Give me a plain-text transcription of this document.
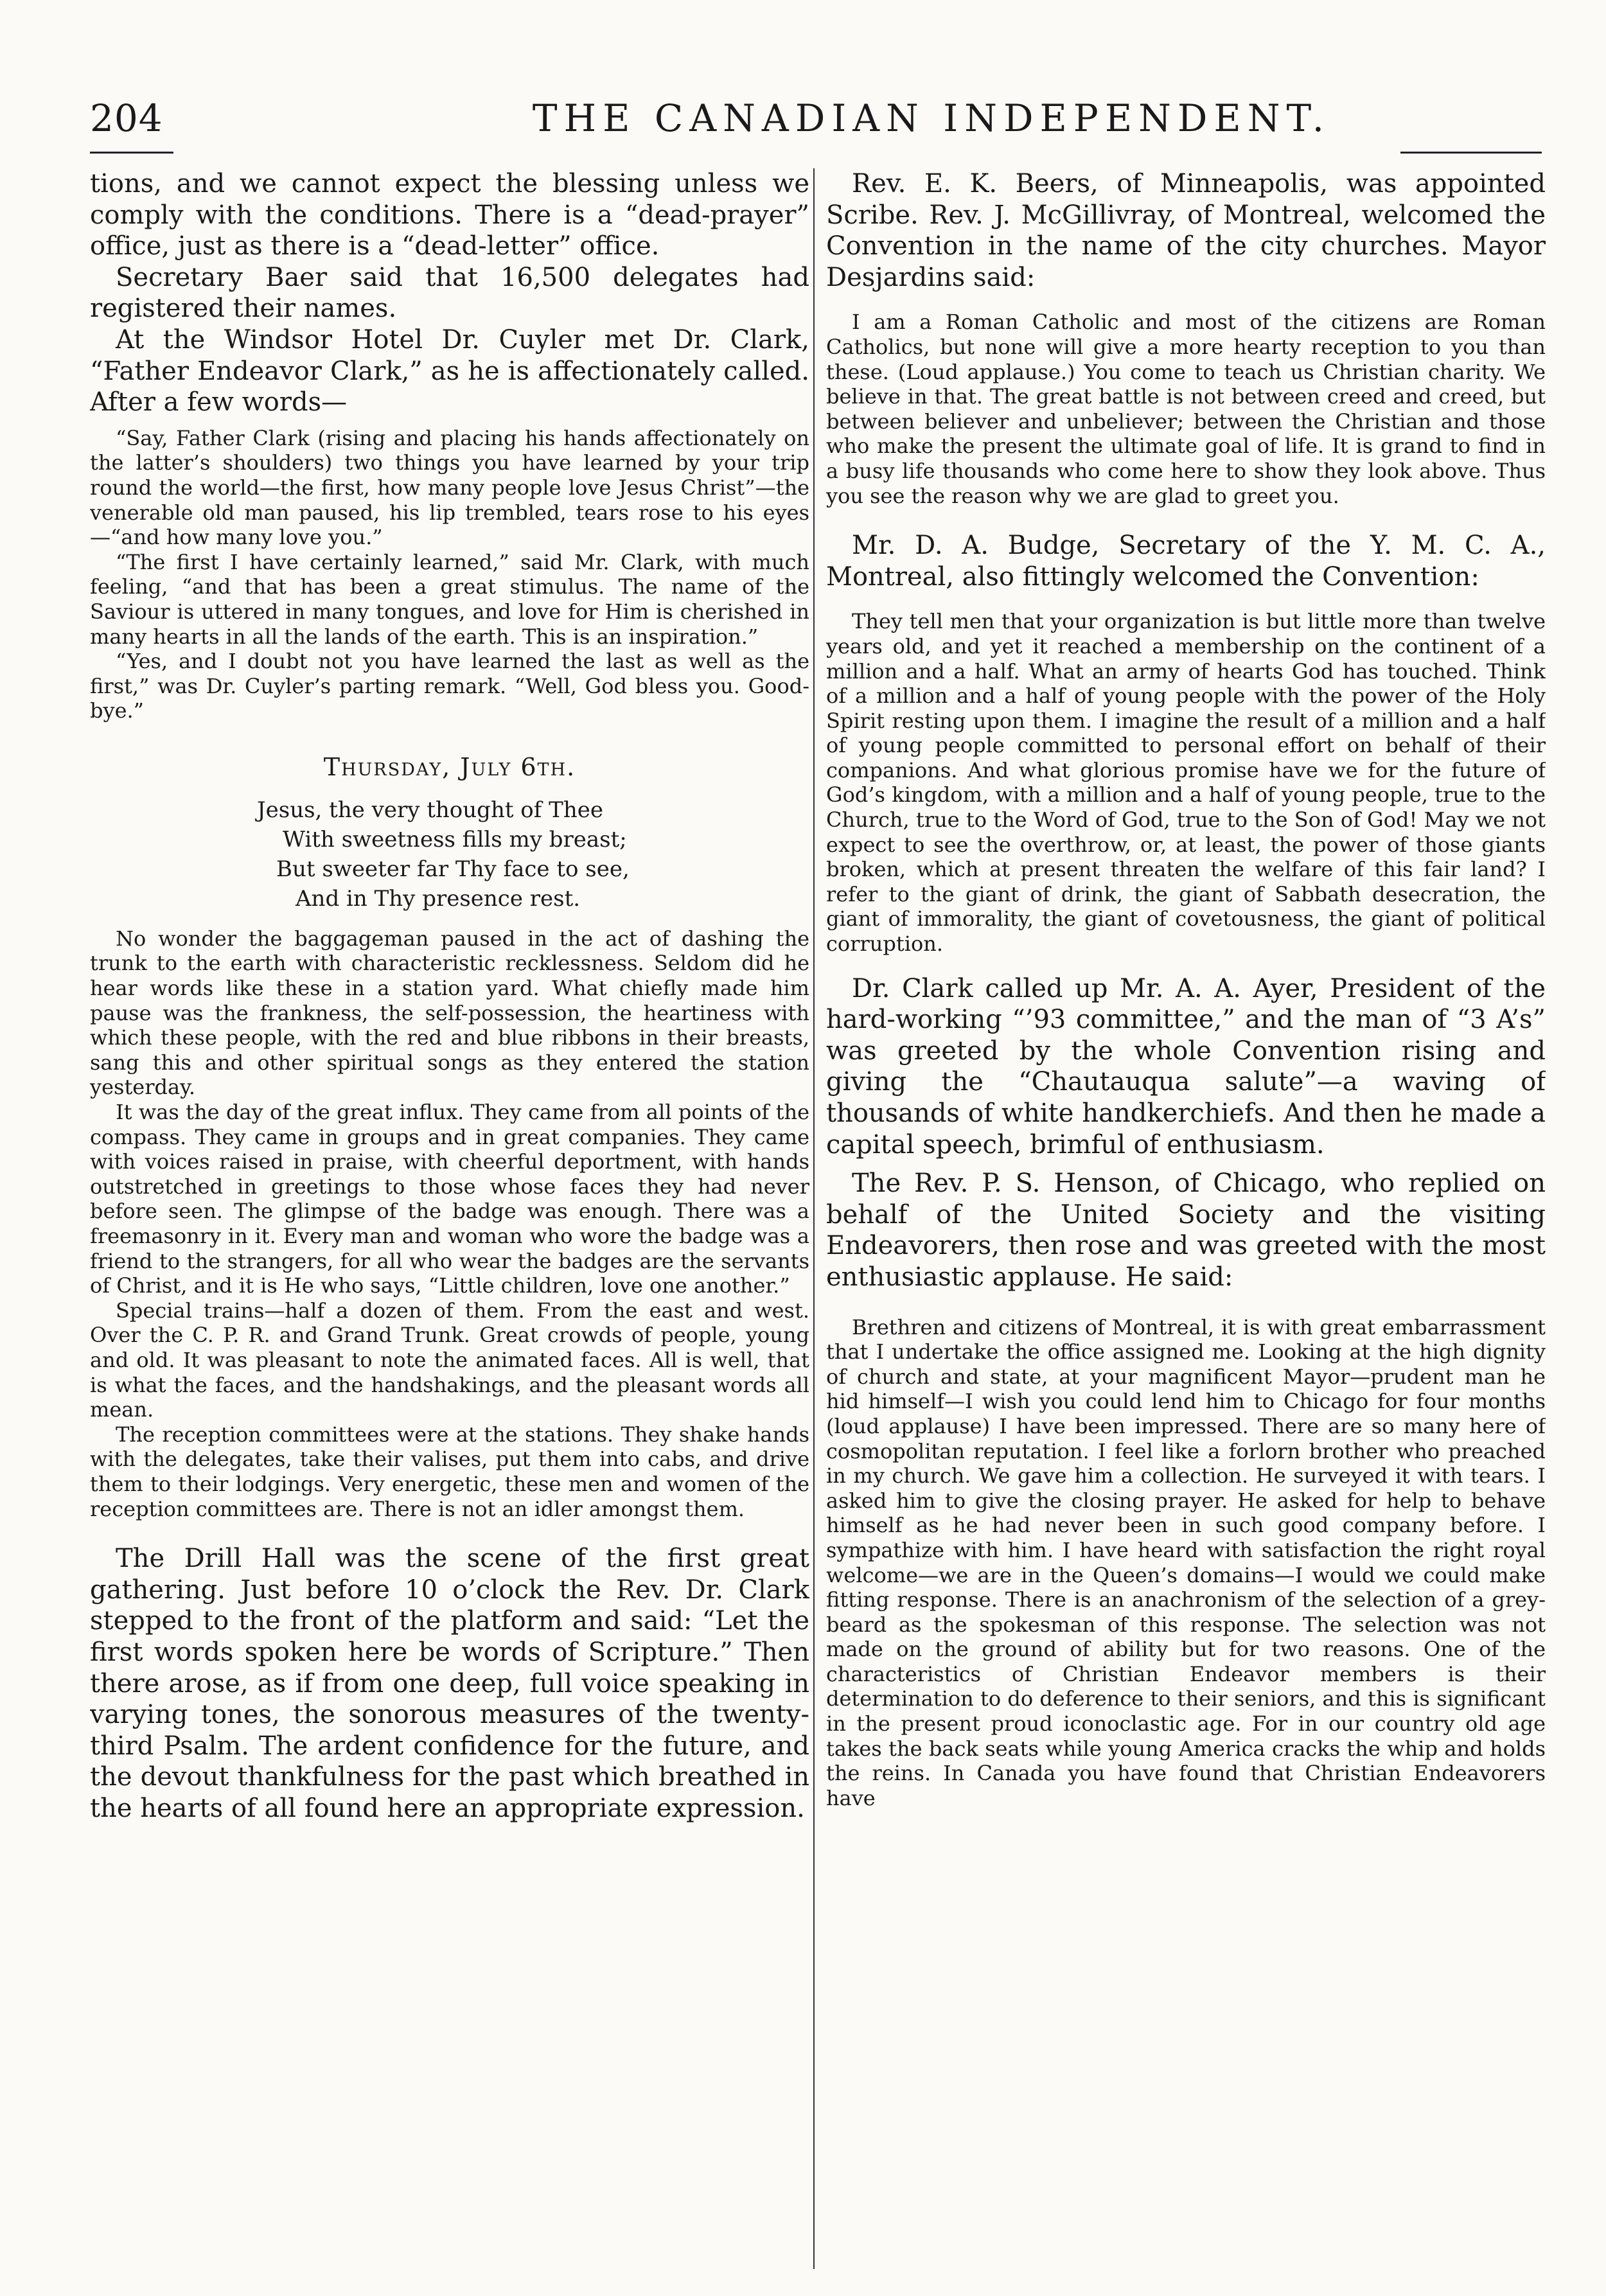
204	THE CANADIAN INDEPENDENT.

tions, and we cannot expect the blessing unless we comply with the conditions. There is a “dead-prayer” office, just as there is a “dead-letter” office.

Secretary Baer said that 16,500 delegates had registered their names.

At the Windsor Hotel Dr. Cuyler met Dr. Clark, “Father Endeavor Clark,” as he is affectionately called. After a few words—

“Say, Father Clark (rising and placing his hands affectionately on the latter’s shoulders) two things you have learned by your trip round the world—the first, how many people love Jesus Christ”—the venerable old man paused, his lip trembled, tears rose to his eyes—“and how many love you.”

“The first I have certainly learned,” said Mr. Clark, with much feeling, “and that has been a great stimulus. The name of the Saviour is uttered in many tongues, and love for Him is cherished in many hearts in all the lands of the earth. This is an inspiration.”

“Yes, and I doubt not you have learned the last as well as the first,” was Dr. Cuyler’s parting remark. “Well, God bless you. Good-bye.”

Thursday, July 6th.
Jesus, the very thought of Thee
With sweetness fills my breast;
But sweeter far Thy face to see,
And in Thy presence rest.

No wonder the baggageman paused in the act of dashing the trunk to the earth with characteristic recklessness. Seldom did he hear words like these in a station yard. What chiefly made him pause was the frankness, the self-possession, the heartiness with which these people, with the red and blue ribbons in their breasts, sang this and other spiritual songs as they entered the station yesterday.

It was the day of the great influx. They came from all points of the compass. They came in groups and in great companies. They came with voices raised in praise, with cheerful deportment, with hands outstretched in greetings to those whose faces they had never before seen. The glimpse of the badge was enough. There was a freemasonry in it. Every man and woman who wore the badge was a friend to the strangers, for all who wear the badges are the servants of Christ, and it is He who says, “Little children, love one another.”

Special trains—half a dozen of them. From the east and west. Over the C. P. R. and Grand Trunk. Great crowds of people, young and old. It was pleasant to note the animated faces. All is well, that is what the faces, and the handshakings, and the pleasant words all mean.

The reception committees were at the stations. They shake hands with the delegates, take their valises, put them into cabs, and drive them to their lodgings. Very energetic, these men and women of the reception committees are. There is not an idler amongst them.

The Drill Hall was the scene of the first great gathering. Just before 10 o’clock the Rev. Dr. Clark stepped to the front of the platform and said: “Let the first words spoken here be words of Scripture.” Then there arose, as if from one deep, full voice speaking in varying tones, the sonorous measures of the twenty-third Psalm. The ardent confidence for the future, and the devout thankfulness for the past which breathed in the hearts of all found here an appropriate expression.

Rev. E. K. Beers, of Minneapolis, was appointed Scribe. Rev. J. McGillivray, of Montreal, welcomed the Convention in the name of the city churches. Mayor Desjardins said:

I am a Roman Catholic and most of the citizens are Roman Catholics, but none will give a more hearty reception to you than these. (Loud applause.) You come to teach us Christian charity. We believe in that. The great battle is not between creed and creed, but between believer and unbeliever; between the Christian and those who make the present the ultimate goal of life. It is grand to find in a busy life thousands who come here to show they look above. Thus you see the reason why we are glad to greet you.

Mr. D. A. Budge, Secretary of the Y. M. C. A., Montreal, also fittingly welcomed the Convention:

They tell men that your organization is but little more than twelve years old, and yet it reached a membership on the continent of a million and a half. What an army of hearts God has touched. Think of a million and a half of young people with the power of the Holy Spirit resting upon them. I imagine the result of a million and a half of young people committed to personal effort on behalf of their companions. And what glorious promise have we for the future of God’s kingdom, with a million and a half of young people, true to the Church, true to the Word of God, true to the Son of God! May we not expect to see the overthrow, or, at least, the power of those giants broken, which at present threaten the welfare of this fair land? I refer to the giant of drink, the giant of Sabbath desecration, the giant of immorality, the giant of covetousness, the giant of political corruption.

Dr. Clark called up Mr. A. A. Ayer, President of the hard-working “’93 committee,” and the man of “3 A’s” was greeted by the whole Convention rising and giving the “Chautauqua salute”—a waving of thousands of white handkerchiefs. And then he made a capital speech, brimful of enthusiasm.

The Rev. P. S. Henson, of Chicago, who replied on behalf of the United Society and the visiting Endeavorers, then rose and was greeted with the most enthusiastic applause. He said:

Brethren and citizens of Montreal, it is with great embarrassment that I undertake the office assigned me. Looking at the high dignity of church and state, at your magnificent Mayor—prudent man he hid himself—I wish you could lend him to Chicago for four months (loud applause) I have been impressed. There are so many here of cosmopolitan reputation. I feel like a forlorn brother who preached in my church. We gave him a collection. He surveyed it with tears. I asked him to give the closing prayer. He asked for help to behave himself as he had never been in such good company before. I sympathize with him. I have heard with satisfaction the right royal welcome—we are in the Queen’s domains—I would we could make fitting response. There is an anachronism of the selection of a grey-beard as the spokesman of this response. The selection was not made on the ground of ability but for two reasons. One of the characteristics of Christian Endeavor members is their determination to do deference to their seniors, and this is significant in the present proud iconoclastic age. For in our country old age takes the back seats while young America cracks the whip and holds the reins. In Canada you have found that Christian Endeavorers have
